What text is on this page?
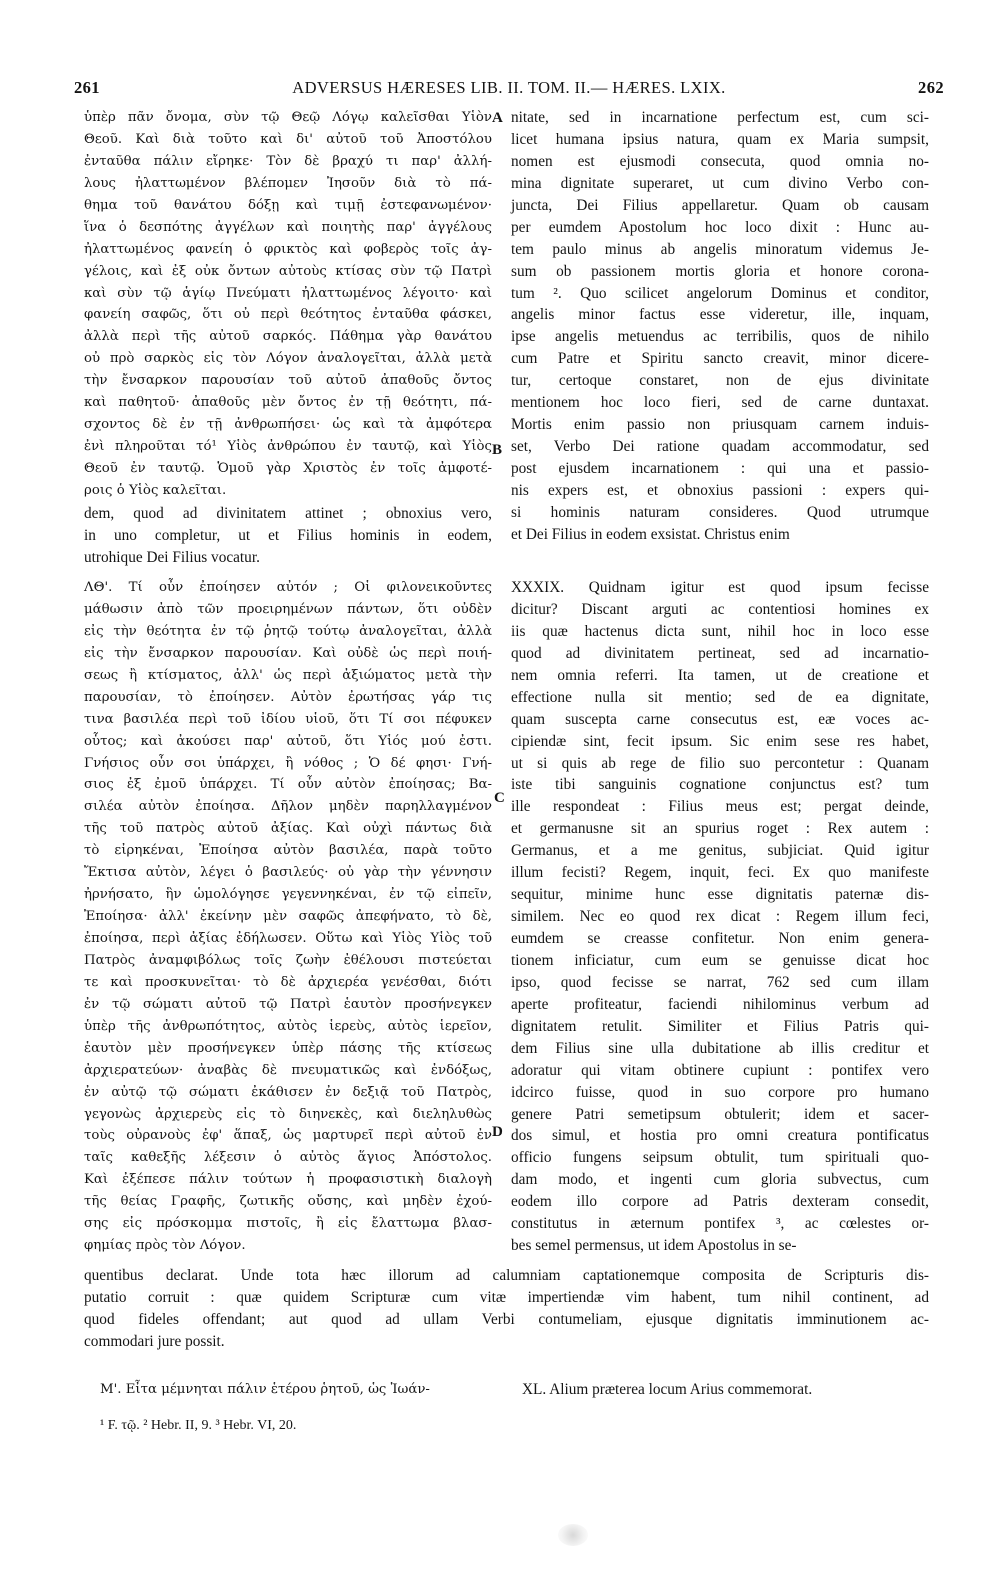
261	ADVERSUS HÆRESES LIB. II. TOM. II.— HÆRES. LXIX.	262
ὑπὲρ πᾶν ὄνομα, σὺν τῷ Θεῷ Λόγῳ καλεῖσθαι Υἱὸν
Θεοῦ. Καὶ διὰ τοῦτο καὶ δι' αὐτοῦ τοῦ Ἀποστόλου
ἐνταῦθα πάλιν εἴρηκε· Τὸν δὲ βραχύ τι παρ' ἀλλή-
λους ἠλαττωμένον βλέπομεν Ἰησοῦν διὰ τὸ πά-
θημα τοῦ θανάτου δόξῃ καὶ τιμῇ ἐστεφανωμένον·
ἵνα ὁ δεσπότης ἀγγέλων καὶ ποιητὴς παρ' ἀγγέλους
ἠλαττωμένος φανείη ὁ φρικτὸς καὶ φοβερὸς τοῖς ἀγ-
γέλοις, καὶ ἐξ οὐκ ὄντων αὐτοὺς κτίσας σὺν τῷ Πατρὶ
καὶ σὺν τῷ ἁγίῳ Πνεύματι ἠλαττωμένος λέγοιτο· καὶ
φανείη σαφῶς, ὅτι οὐ περὶ θεότητος ἐνταῦθα φάσκει,
ἀλλὰ περὶ τῆς αὐτοῦ σαρκός. Πάθημα γὰρ θανάτου
οὐ πρὸ σαρκὸς εἰς τὸν Λόγον ἀναλογεῖται, ἀλλὰ μετὰ
τὴν ἔνσαρκον παρουσίαν τοῦ αὐτοῦ ἀπαθοῦς ὄντος
καὶ παθητοῦ· ἀπαθοῦς μὲν ὄντος ἐν τῇ θεότητι, πά-
σχοντος δὲ ἐν τῇ ἀνθρωπήσει· ὡς καὶ τὰ ἀμφότερα
ἐνὶ πληροῦται τό¹ Υἱὸς ἀνθρώπου ἐν ταυτῷ, καὶ Υἱὸς
Θεοῦ ἐν ταυτῷ. Ὁμοῦ γὰρ Χριστὸς ἐν τοῖς ἀμφοτέ-
ροις ὁ Υἱὸς καλεῖται.
nitate, sed in incarnatione perfectum est, cum sci-
licet humana ipsius natura, quam ex Maria sumpsit,
nomen est ejusmodi consecuta, quod omnia no-
mina dignitate superaret, ut cum divino Verbo con-
juncta, Dei Filius appellaretur. Quam ob causam
per eumdem Apostolum hoc loco dixit : Hunc au-
tem paulo minus ab angelis minoratum videmus Je-
sum ob passionem mortis gloria et honore corona-
tum ². Quo scilicet angelorum Dominus et conditor,
angelis minor factus esse videretur, ille, inquam,
ipse angelis metuendus ac terribilis, quos de nihilo
cum Patre et Spiritu sancto creavit, minor dicere-
tur, certoque constaret, non de ejus divinitate
mentionem hoc loco fieri, sed de carne duntaxat.
Mortis enim passio non priusquam carnem induis-
set, Verbo Dei ratione quadam accommodatur, sed
post ejusdem incarnationem : qui una et passio-
nis expers est, et obnoxius passioni : expers qui-
si hominis naturam consideres. Quod utrumque
et Dei Filius in eodem exsistat. Christus enim
A
B
C
D
dem, quod ad divinitatem attinet ; obnoxius vero,
in uno completur, ut et Filius hominis in eodem,
utrohique Dei Filius vocatur.
ΛΘ'. Τί οὖν ἐποίησεν αὐτόν ; Οἱ φιλονεικοῦντες
μάθωσιν ἀπὸ τῶν προειρημένων πάντων, ὅτι οὐδὲν
εἰς τὴν θεότητα ἐν τῷ ῥητῷ τούτῳ ἀναλογεῖται, ἀλλὰ
εἰς τὴν ἔνσαρκον παρουσίαν. Καὶ οὐδὲ ὡς περὶ ποιή-
σεως ἢ κτίσματος, ἀλλ' ὡς περὶ ἀξιώματος μετὰ τὴν
παρουσίαν, τὸ ἐποίησεν. Αὐτὸν ἐρωτήσας γάρ τις
τινα βασιλέα περὶ τοῦ ἰδίου υἱοῦ, ὅτι Τί σοι πέφυκεν
οὗτος; καὶ ἀκούσει παρ' αὐτοῦ, ὅτι Υἱός μού ἐστι.
Γνήσιος οὖν σοι ὑπάρχει, ἢ νόθος ; Ὁ δέ φησι· Γνή-
σιος ἐξ ἐμοῦ ὑπάρχει. Τί οὖν αὐτὸν ἐποίησας; Βα-
σιλέα αὐτὸν ἐποίησα. Δῆλον μηδὲν παρηλλαγμένον
τῆς τοῦ πατρὸς αὐτοῦ ἀξίας. Καὶ οὐχὶ πάντως διὰ
τὸ εἰρηκέναι, Ἐποίησα αὐτὸν βασιλέα, παρὰ τοῦτο
Ἔκτισα αὐτὸν, λέγει ὁ βασιλεύς· οὐ γὰρ τὴν γέννησιν
ἠρνήσατο, ἣν ὡμολόγησε γεγεννηκέναι, ἐν τῷ εἰπεῖν,
Ἐποίησα· ἀλλ' ἐκείνην μὲν σαφῶς ἀπεφήνατο, τὸ δὲ,
ἐποίησα, περὶ ἀξίας ἐδήλωσεν. Οὕτω καὶ Υἱὸς Υἱὸς τοῦ
Πατρὸς ἀναμφιβόλως τοῖς ζωὴν ἐθέλουσι πιστεύεται
τε καὶ προσκυνεῖται· τὸ δὲ ἀρχιερέα γενέσθαι, διότι
ἐν τῷ σώματι αὐτοῦ τῷ Πατρὶ ἑαυτὸν προσήνεγκεν
ὑπὲρ τῆς ἀνθρωπότητος, αὐτὸς ἱερεὺς, αὐτὸς ἱερεῖον,
ἑαυτὸν μὲν προσήνεγκεν ὑπὲρ πάσης τῆς κτίσεως
ἀρχιερατεύων· ἀναβὰς δὲ πνευματικῶς καὶ ἐνδόξως,
ἐν αὐτῷ τῷ σώματι ἐκάθισεν ἐν δεξιᾷ τοῦ Πατρὸς,
γεγονὼς ἀρχιερεὺς εἰς τὸ διηνεκὲς, καὶ διεληλυθὼς
τοὺς οὐρανοὺς ἐφ' ἅπαξ, ὡς μαρτυρεῖ περὶ αὐτοῦ ἐν
ταῖς καθεξῆς λέξεσιν ὁ αὐτὸς ἅγιος Ἀπόστολος.
Καὶ ἐξέπεσε πάλιν τούτων ἡ προφασιστικὴ διαλογὴ
τῆς θείας Γραφῆς, ζωτικῆς οὔσης, καὶ μηδὲν ἐχού-
σης εἰς πρόσκομμα πιστοῖς, ἢ εἰς ἔλαττωμα βλασ-
φημίας πρὸς τὸν Λόγον.
XXXIX. Quidnam igitur est quod ipsum fecisse
dicitur? Discant arguti ac contentiosi homines ex
iis quæ hactenus dicta sunt, nihil hoc in loco esse
quod ad divinitatem pertineat, sed ad incarnatio-
nem omnia referri. Ita tamen, ut de creatione et
effectione nulla sit mentio; sed de ea dignitate,
quam suscepta carne consecutus est, eæ voces ac-
cipiendæ sint, fecit ipsum. Sic enim sese res habet,
ut si quis ab rege de filio suo percontetur : Quanam
iste tibi sanguinis cognatione conjunctus est? tum
ille respondeat : Filius meus est; pergat deinde,
et germanusne sit an spurius roget : Rex autem :
Germanus, et a me genitus, subjiciat. Quid igitur
illum fecisti? Regem, inquit, feci. Ex quo manifeste
sequitur, minime hunc esse dignitatis paternæ dis-
similem. Nec eo quod rex dicat : Regem illum feci,
eumdem se creasse confitetur. Non enim genera-
tionem inficiatur, cum eum se genuisse dicat hoc
ipso, quod fecisse se narrat, 762 sed cum illam
aperte profiteatur, faciendi nihilominus verbum ad
dignitatem retulit. Similiter et Filius Patris qui-
dem Filius sine ulla dubitatione ab illis creditur et
adoratur qui vitam obtinere cupiunt : pontifex vero
idcirco fuisse, quod in suo corpore pro humano
genere Patri semetipsum obtulerit; idem et sacer-
dos simul, et hostia pro omni creatura pontificatus
officio fungens seipsum obtulit, tum spirituali quo-
dam modo, et ingenti cum gloria subvectus, cum
eodem illo corpore ad Patris dexteram consedit,
constitutus in æternum pontifex ³, ac cœlestes or-
bes semel permensus, ut idem Apostolus in se-
quentibus declarat. Unde tota hæc illorum ad calumniam captationemque composita de Scripturis dis-
putatio corruit : quæ quidem Scripturæ cum vitæ impertiendæ vim habent, tum nihil continent, ad
quod fideles offendant; aut quod ad ullam Verbi contumeliam, ejusque dignitatis imminutionem ac-
commodari jure possit.
Μ'. Εἶτα μέμνηται πάλιν ἑτέρου ῥητοῦ, ὡς Ἰωάν-	XL. Alium præterea locum Arius commemorat.
¹ F. τῷ. ² Hebr. II, 9. ³ Hebr. VI, 20.
